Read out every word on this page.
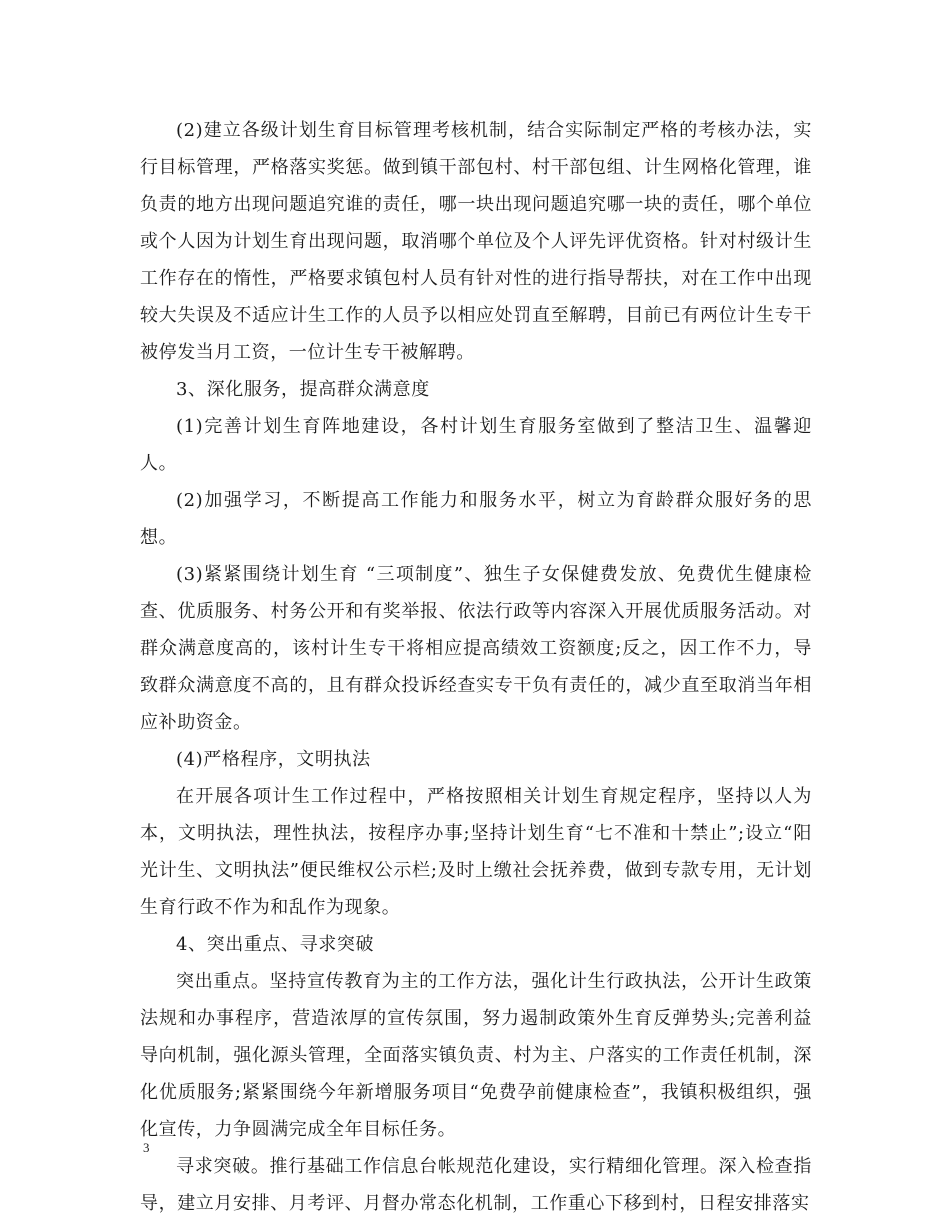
(2)建立各级计划生育目标管理考核机制，结合实际制定严格的考核办法，实行目标管理，严格落实奖惩。做到镇干部包村、村干部包组、计生网格化管理，谁负责的地方出现问题追究谁的责任，哪一块出现问题追究哪一块的责任，哪个单位或个人因为计划生育出现问题，取消哪个单位及个人评先评优资格。针对村级计生工作存在的惰性，严格要求镇包村人员有针对性的进行指导帮扶，对在工作中出现较大失误及不适应计生工作的人员予以相应处罚直至解聘，目前已有两位计生专干被停发当月工资，一位计生专干被解聘。

3、深化服务，提高群众满意度

(1)完善计划生育阵地建设，各村计划生育服务室做到了整洁卫生、温馨迎人。

(2)加强学习，不断提高工作能力和服务水平，树立为育龄群众服好务的思想。

(3)紧紧围绕计划生育 “三项制度”、独生子女保健费发放、免费优生健康检查、优质服务、村务公开和有奖举报、依法行政等内容深入开展优质服务活动。对群众满意度高的，该村计生专干将相应提高绩效工资额度;反之，因工作不力，导致群众满意度不高的，且有群众投诉经查实专干负有责任的，减少直至取消当年相应补助资金。

(4)严格程序，文明执法

在开展各项计生工作过程中，严格按照相关计划生育规定程序，坚持以人为本，文明执法，理性执法，按程序办事;坚持计划生育“七不准和十禁止”;设立“阳光计生、文明执法”便民维权公示栏;及时上缴社会抚养费，做到专款专用，无计划生育行政不作为和乱作为现象。

4、突出重点、寻求突破

突出重点。坚持宣传教育为主的工作方法，强化计生行政执法，公开计生政策法规和办事程序，营造浓厚的宣传氛围，努力遏制政策外生育反弹势头;完善利益导向机制，强化源头管理，全面落实镇负责、村为主、户落实的工作责任机制，深化优质服务;紧紧围绕今年新增服务项目“免费孕前健康检查”，我镇积极组织，强化宣传，力争圆满完成全年目标任务。

寻求突破。推行基础工作信息台帐规范化建设，实行精细化管理。深入检查指导，建立月安排、月考评、月督办常态化机制，工作重心下移到村，日程安排落实

3
